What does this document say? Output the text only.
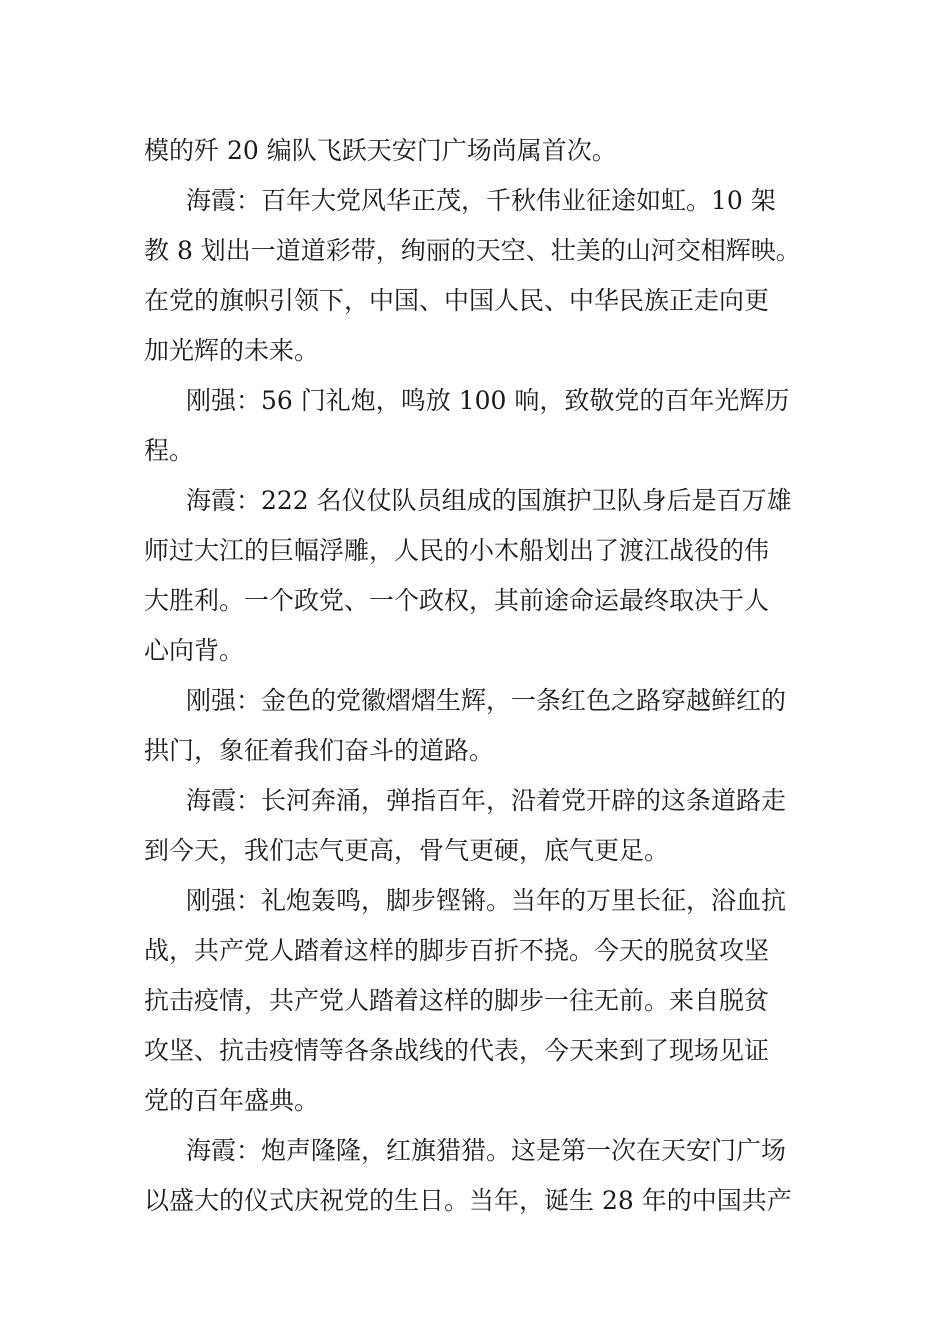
模的歼 20 编队飞跃天安门广场尚属首次。

海霞：百年大党风华正茂，千秋伟业征途如虹。10 架
教 8 划出一道道彩带，绚丽的天空、壮美的山河交相辉映。
在党的旗帜引领下，中国、中国人民、中华民族正走向更
加光辉的未来。

刚强：56 门礼炮，鸣放 100 响，致敬党的百年光辉历
程。

海霞：222 名仪仗队员组成的国旗护卫队身后是百万雄
师过大江的巨幅浮雕，人民的小木船划出了渡江战役的伟
大胜利。一个政党、一个政权，其前途命运最终取决于人
心向背。

刚强：金色的党徽熠熠生辉，一条红色之路穿越鲜红的
拱门，象征着我们奋斗的道路。

海霞：长河奔涌，弹指百年，沿着党开辟的这条道路走
到今天，我们志气更高，骨气更硬，底气更足。

刚强：礼炮轰鸣，脚步铿锵。当年的万里长征，浴血抗
战，共产党人踏着这样的脚步百折不挠。今天的脱贫攻坚
抗击疫情，共产党人踏着这样的脚步一往无前。来自脱贫
攻坚、抗击疫情等各条战线的代表，今天来到了现场见证
党的百年盛典。

海霞：炮声隆隆，红旗猎猎。这是第一次在天安门广场
以盛大的仪式庆祝党的生日。当年，诞生 28 年的中国共产
